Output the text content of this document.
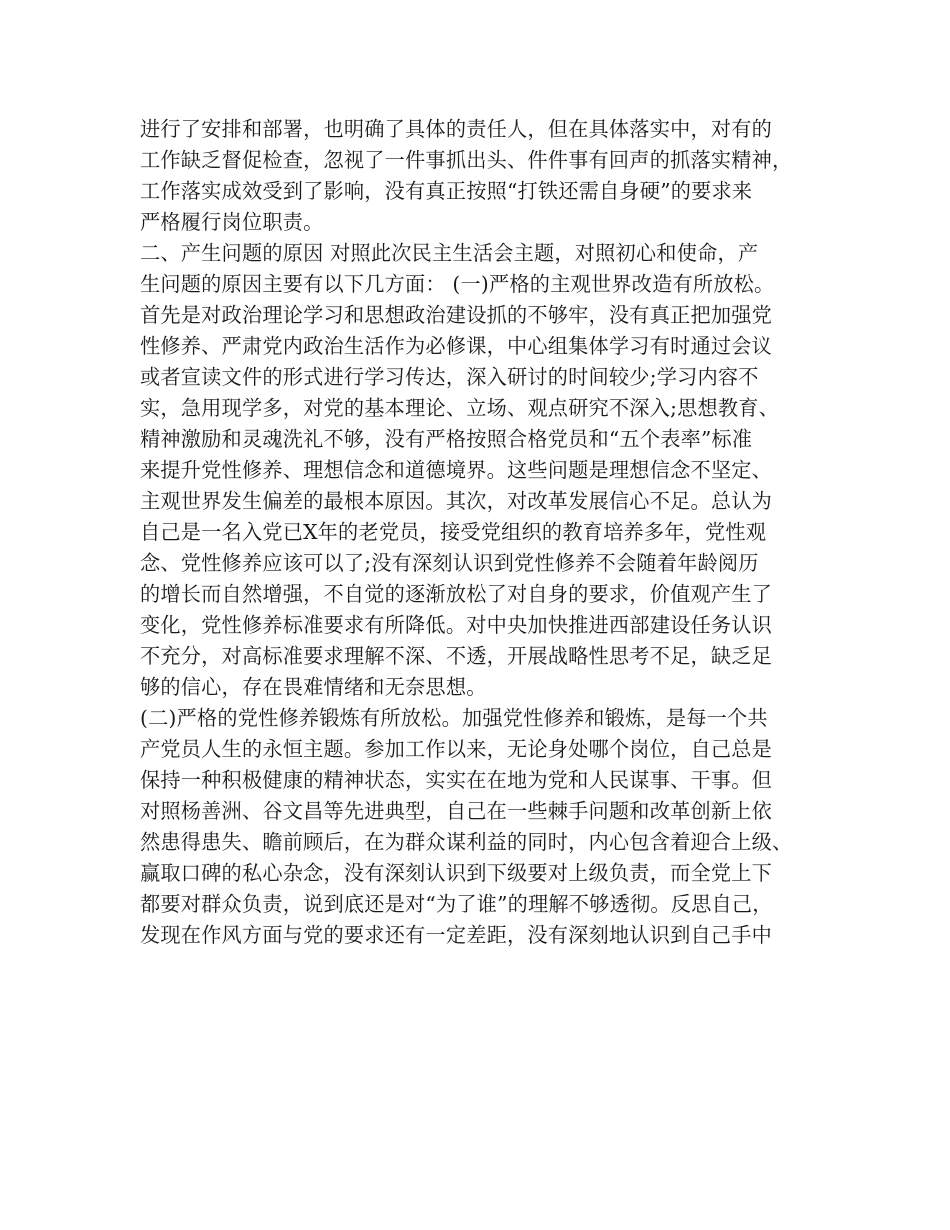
进行了安排和部署，也明确了具体的责任人，但在具体落实中，对有的
工作缺乏督促检查，忽视了一件事抓出头、件件事有回声的抓落实精神，
工作落实成效受到了影响，没有真正按照“打铁还需自身硬”的要求来
严格履行岗位职责。
二、产生问题的原因 对照此次民主生活会主题，对照初心和使命，产
生问题的原因主要有以下几方面： (一)严格的主观世界改造有所放松。
首先是对政治理论学习和思想政治建设抓的不够牢，没有真正把加强党
性修养、严肃党内政治生活作为必修课，中心组集体学习有时通过会议
或者宣读文件的形式进行学习传达，深入研讨的时间较少;学习内容不
实，急用现学多，对党的基本理论、立场、观点研究不深入;思想教育、
精神激励和灵魂洗礼不够，没有严格按照合格党员和“五个表率”标准
来提升党性修养、理想信念和道德境界。这些问题是理想信念不坚定、
主观世界发生偏差的最根本原因。其次，对改革发展信心不足。总认为
自己是一名入党已X年的老党员，接受党组织的教育培养多年，党性观
念、党性修养应该可以了;没有深刻认识到党性修养不会随着年龄阅历
的增长而自然增强，不自觉的逐渐放松了对自身的要求，价值观产生了
变化，党性修养标准要求有所降低。对中央加快推进西部建设任务认识
不充分，对高标准要求理解不深、不透，开展战略性思考不足，缺乏足
够的信心，存在畏难情绪和无奈思想。
(二)严格的党性修养锻炼有所放松。加强党性修养和锻炼，是每一个共
产党员人生的永恒主题。参加工作以来，无论身处哪个岗位，自己总是
保持一种积极健康的精神状态，实实在在地为党和人民谋事、干事。但
对照杨善洲、谷文昌等先进典型，自己在一些棘手问题和改革创新上依
然患得患失、瞻前顾后，在为群众谋利益的同时，内心包含着迎合上级、
赢取口碑的私心杂念，没有深刻认识到下级要对上级负责，而全党上下
都要对群众负责，说到底还是对“为了谁”的理解不够透彻。反思自己，
发现在作风方面与党的要求还有一定差距，没有深刻地认识到自己手中
